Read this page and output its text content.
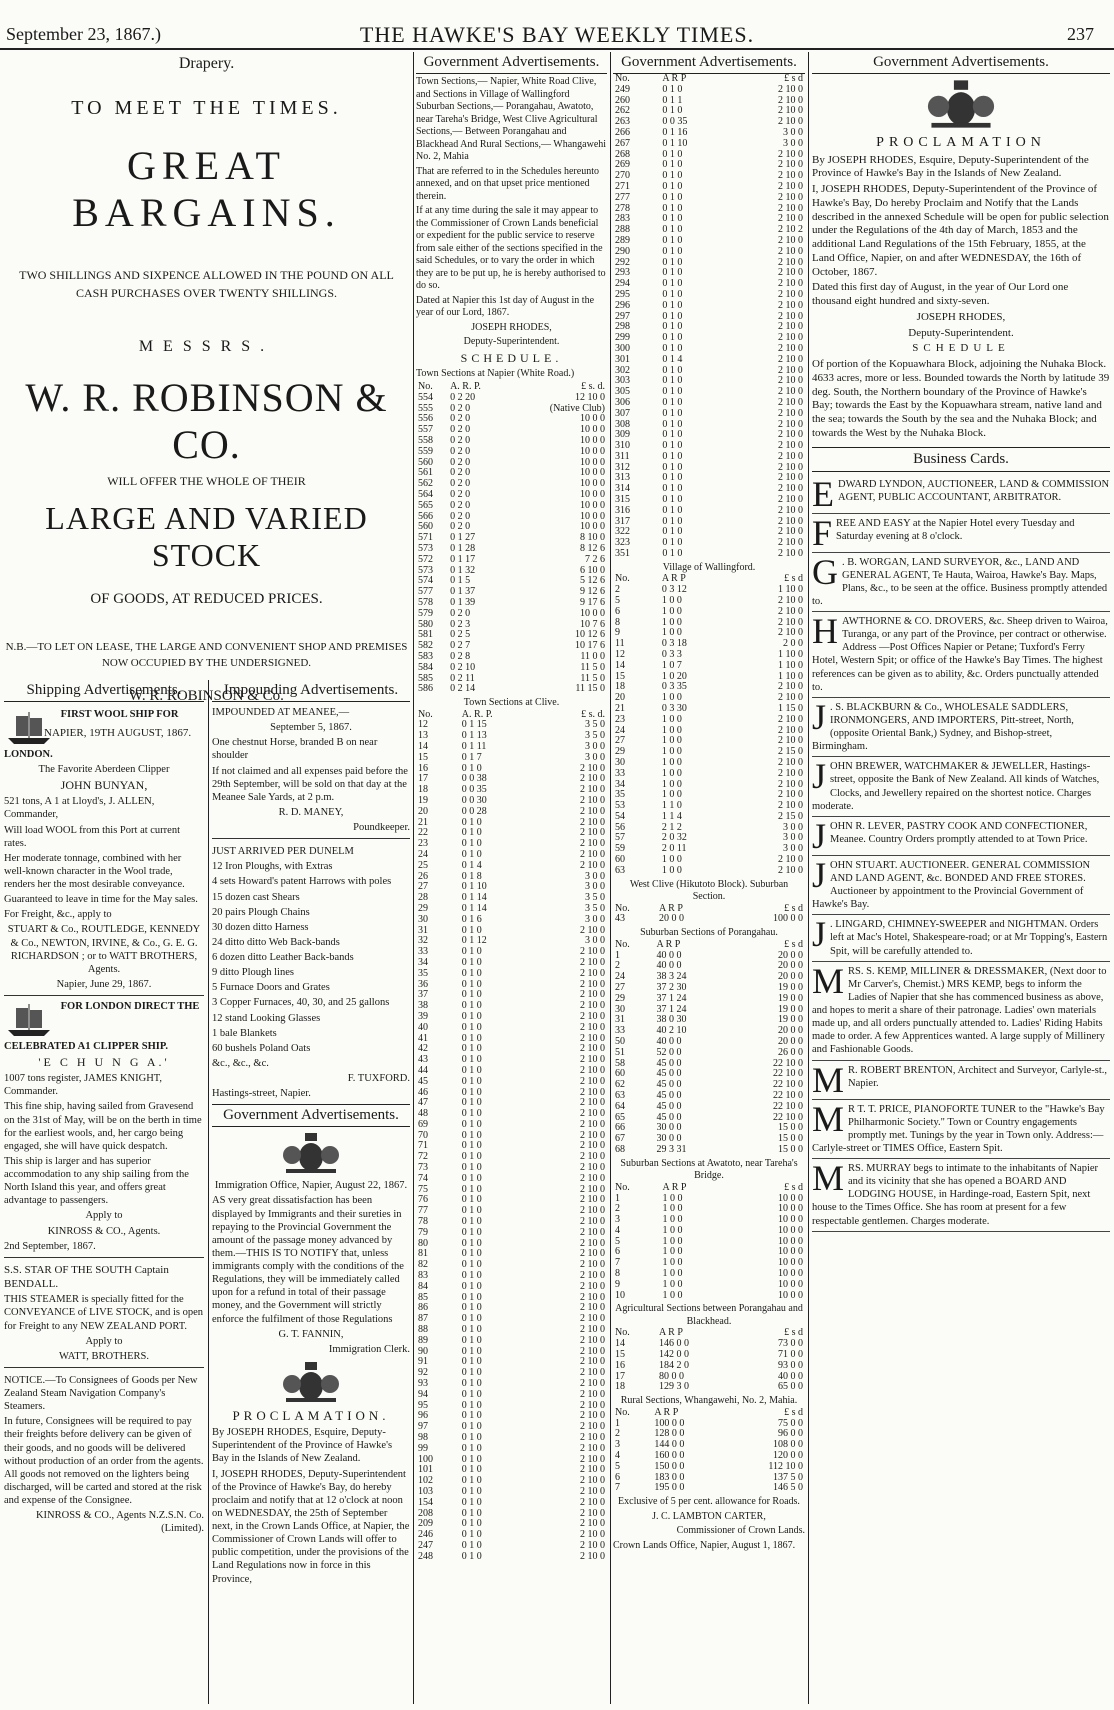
September 23, 1867.)	THE HAWKE'S BAY WEEKLY TIMES.	237
Drapery.
TO MEET THE TIMES.
GREAT BARGAINS.
TWO SHILLINGS AND SIXPENCE ALLOWED IN THE POUND ON ALL CASH PURCHASES OVER TWENTY SHILLINGS.
MESSRS.
W. R. ROBINSON & CO.
WILL OFFER THE WHOLE OF THEIR
LARGE AND VARIED STOCK
OF GOODS, AT REDUCED PRICES.
N.B.—TO LET ON LEASE, THE LARGE AND CONVENIENT SHOP AND PREMISES NOW OCCUPIED BY THE UNDERSIGNED.
W. R. ROBINSON & Co.
NAPIER, 19TH AUGUST, 1867.
Shipping Advertisements.
FIRST WOOL SHIP FOR LONDON.

The Favorite Aberdeen Clipper

JOHN BUNYAN,

521 tons, A 1 at Lloyd's, J. ALLEN, Commander,

Will load WOOL from this Port at current rates.

Her moderate tonnage, combined with her well-known character in the Wool trade, renders her the most desirable conveyance.

Guaranteed to leave in time for the May sales.

For Freight, &c., apply to

STUART & Co., ROUTLEDGE, KENNEDY & Co., NEWTON, IRVINE, & Co., G. E. G. RICHARDSON ; or to WATT BROTHERS, Agents.

Napier, June 29, 1867.

FOR LONDON DIRECT THE CELEBRATED A1 CLIPPER SHIP.

'E C H U N G A.'

1007 tons register, JAMES KNIGHT, Commander.

This fine ship, having sailed from Gravesend on the 31st of May, will be on the berth in time for the earliest wools, and, her cargo being engaged, she will have quick despatch.

This ship is larger and has superior accommodation to any ship sailing from the North Island this year, and offers great advantage to passengers.

Apply to

KINROSS & CO., Agents.

2nd September, 1867.

S.S. STAR OF THE SOUTH Captain BENDALL.

THIS STEAMER is specially fitted for the CONVEYANCE of LIVE STOCK, and is open for Freight to any NEW ZEALAND PORT.

Apply to

WATT, BROTHERS.

NOTICE.—To Consignees of Goods per New Zealand Steam Navigation Company's Steamers.

In future, Consignees will be required to pay their freights before delivery can be given of their goods, and no goods will be delivered without production of an order from the agents. All goods not removed on the lighters being discharged, will be carted and stored at the risk and expense of the Consignee.

KINROSS & CO., Agents N.Z.S.N. Co. (Limited).

Impounding Advertisements.

IMPOUNDED AT MEANEE,—

September 5, 1867.

One chestnut Horse, branded B on near shoulder

If not claimed and all expenses paid before the 29th September, will be sold on that day at the Meanee Sale Yards, at 2 p.m.

R. D. MANEY,

Poundkeeper.

JUST ARRIVED PER DUNELM

12 Iron Ploughs, with Extras

4 sets Howard's patent Harrows with poles

15 dozen cast Shears

20 pairs Plough Chains

30 dozen ditto Harness

24 ditto ditto Web Back-bands

6 dozen ditto Leather Back-bands

9 ditto Plough lines

5 Furnace Doors and Grates

3 Copper Furnaces, 40, 30, and 25 gallons

12 stand Looking Glasses

1 bale Blankets

60 bushels Poland Oats

&c., &c., &c.

F. TUXFORD.

Hastings-street, Napier.

Government Advertisements.

Immigration Office, Napier, August 22, 1867.

AS very great dissatisfaction has been displayed by Immigrants and their sureties in repaying to the Provincial Government the amount of the passage money advanced by them.—THIS IS TO NOTIFY that, unless immigrants comply with the conditions of the Regulations, they will be immediately called upon for a refund in total of their passage money, and the Government will strictly enforce the fulfilment of those Regulations

G. T. FANNIN,

Immigration Clerk.

PROCLAMATION.

By JOSEPH RHODES, Esquire, Deputy-Superintendent of the Province of Hawke's Bay in the Islands of New Zealand.

I, JOSEPH RHODES, Deputy-Superintendent of the Province of Hawke's Bay, do hereby proclaim and notify that at 12 o'clock at noon on WEDNESDAY, the 25th of September next, in the Crown Lands Office, at Napier, the Commissioner of Crown Lands will offer to public competition, under the provisions of the Land Regulations now in force in this Province,

Government Advertisements.

Town Sections,— Napier, White Road Clive, and Sections in Village of Wallingford Suburban Sections,— Porangahau, Awatoto, near Tareha's Bridge, West Clive Agricultural Sections,— Between Porangahau and Blackhead And Rural Sections,— Whangawehi No. 2, Mahia

That are referred to in the Schedules hereunto annexed, and on that upset price mentioned therein.

If at any time during the sale it may appear to the Commissioner of Crown Lands beneficial or expedient for the public service to reserve from sale either of the sections specified in the said Schedules, or to vary the order in which they are to be put up, he is hereby authorised to do so.

Dated at Napier this 1st day of August in the year of our Lord, 1867.

JOSEPH RHODES,

Deputy-Superintendent.

SCHEDULE.

Town Sections at Napier (White Road.)

No.	A. R. P.	£ s. d.
554	0 2 20	12 10 0
555	0 2 0	(Native Club)
556	0 2 0	10 0 0
557	0 2 0	10 0 0
558	0 2 0	10 0 0
559	0 2 0	10 0 0
560	0 2 0	10 0 0
561	0 2 0	10 0 0
562	0 2 0	10 0 0
564	0 2 0	10 0 0
565	0 2 0	10 0 0
566	0 2 0	10 0 0
560	0 2 0	10 0 0
571	0 1 27	8 10 0
573	0 1 28	8 12 6
572	0 1 17	7 2 6
573	0 1 32	6 10 0
574	0 1 5	5 12 6
577	0 1 37	9 12 6
578	0 1 39	9 17 6
579	0 2 0	10 0 0
580	0 2 3	10 7 6
581	0 2 5	10 12 6
582	0 2 7	10 17 6
583	0 2 8	11 0 0
584	0 2 10	11 5 0
585	0 2 11	11 5 0
586	0 2 14	11 15 0
Town Sections at Clive.
No.	A. R. P.	£ s. d.
12	0 1 15	3 5 0
13	0 1 13	3 5 0
14	0 1 11	3 0 0
15	0 1 7	3 0 0
16	0 1 0	2 10 0
17	0 0 38	2 10 0
18	0 0 35	2 10 0
19	0 0 30	2 10 0
20	0 0 28	2 10 0
21	0 1 0	2 10 0
22	0 1 0	2 10 0
23	0 1 0	2 10 0
24	0 1 0	2 10 0
25	0 1 4	2 10 0
26	0 1 8	3 0 0
27	0 1 10	3 0 0
28	0 1 14	3 5 0
29	0 1 14	3 5 0
30	0 1 6	3 0 0
31	0 1 0	2 10 0
32	0 1 12	3 0 0
33	0 1 0	2 10 0
34	0 1 0	2 10 0
35	0 1 0	2 10 0
36	0 1 0	2 10 0
37	0 1 0	2 10 0
38	0 1 0	2 10 0
39	0 1 0	2 10 0
40	0 1 0	2 10 0
41	0 1 0	2 10 0
42	0 1 0	2 10 0
43	0 1 0	2 10 0
44	0 1 0	2 10 0
45	0 1 0	2 10 0
46	0 1 0	2 10 0
47	0 1 0	2 10 0
48	0 1 0	2 10 0
69	0 1 0	2 10 0
70	0 1 0	2 10 0
71	0 1 0	2 10 0
72	0 1 0	2 10 0
73	0 1 0	2 10 0
74	0 1 0	2 10 0
75	0 1 0	2 10 0
76	0 1 0	2 10 0
77	0 1 0	2 10 0
78	0 1 0	2 10 0
79	0 1 0	2 10 0
80	0 1 0	2 10 0
81	0 1 0	2 10 0
82	0 1 0	2 10 0
83	0 1 0	2 10 0
84	0 1 0	2 10 0
85	0 1 0	2 10 0
86	0 1 0	2 10 0
87	0 1 0	2 10 0
88	0 1 0	2 10 0
89	0 1 0	2 10 0
90	0 1 0	2 10 0
91	0 1 0	2 10 0
92	0 1 0	2 10 0
93	0 1 0	2 10 0
94	0 1 0	2 10 0
95	0 1 0	2 10 0
96	0 1 0	2 10 0
97	0 1 0	2 10 0
98	0 1 0	2 10 0
99	0 1 0	2 10 0
100	0 1 0	2 10 0
101	0 1 0	2 10 0
102	0 1 0	2 10 0
103	0 1 0	2 10 0
154	0 1 0	2 10 0
208	0 1 0	2 10 0
209	0 1 0	2 10 0
246	0 1 0	2 10 0
247	0 1 0	2 10 0
248	0 1 0	2 10 0
Government Advertisements.
No.	A R P	£ s d
249	0 1 0	2 10 0
260	0 1 1	2 10 0
262	0 1 0	2 10 0
263	0 0 35	2 10 0
266	0 1 16	3 0 0
267	0 1 10	3 0 0
268	0 1 0	2 10 0
269	0 1 0	2 10 0
270	0 1 0	2 10 0
271	0 1 0	2 10 0
277	0 1 0	2 10 0
278	0 1 0	2 10 0
283	0 1 0	2 10 0
288	0 1 0	2 10 2
289	0 1 0	2 10 0
290	0 1 0	2 10 0
292	0 1 0	2 10 0
293	0 1 0	2 10 0
294	0 1 0	2 10 0
295	0 1 0	2 10 0
296	0 1 0	2 10 0
297	0 1 0	2 10 0
298	0 1 0	2 10 0
299	0 1 0	2 10 0
300	0 1 0	2 10 0
301	0 1 4	2 10 0
302	0 1 0	2 10 0
303	0 1 0	2 10 0
305	0 1 0	2 10 0
306	0 1 0	2 10 0
307	0 1 0	2 10 0
308	0 1 0	2 10 0
309	0 1 0	2 10 0
310	0 1 0	2 10 0
311	0 1 0	2 10 0
312	0 1 0	2 10 0
313	0 1 0	2 10 0
314	0 1 0	2 10 0
315	0 1 0	2 10 0
316	0 1 0	2 10 0
317	0 1 0	2 10 0
322	0 1 0	2 10 0
323	0 1 0	2 10 0
351	0 1 0	2 10 0
Village of Wallingford.
No.	A R P	£ s d
2	0 3 12	1 10 0
5	1 0 0	2 10 0
6	1 0 0	2 10 0
8	1 0 0	2 10 0
9	1 0 0	2 10 0
11	0 3 18	2 0 0
12	0 3 3	1 10 0
14	1 0 7	1 10 0
15	1 0 20	1 10 0
18	0 3 35	2 10 0
20	1 0 0	2 10 0
21	0 3 30	1 15 0
23	1 0 0	2 10 0
24	1 0 0	2 10 0
27	1 0 0	2 10 0
29	1 0 0	2 15 0
30	1 0 0	2 10 0
33	1 0 0	2 10 0
34	1 0 0	2 10 0
35	1 0 0	2 10 0
53	1 1 0	2 10 0
54	1 1 4	2 15 0
56	2 1 2	3 0 0
57	2 0 32	3 0 0
59	2 0 11	3 0 0
60	1 0 0	2 10 0
63	1 0 0	2 10 0
West Clive (Hikutoto Block). Suburban Section.
No.	A R P	£ s d
43	20 0 0	100 0 0
Suburban Sections of Porangahau.
No.	A R P	£ s d
1	40 0 0	20 0 0
2	40 0 0	20 0 0
24	38 3 24	20 0 0
27	37 2 30	19 0 0
29	37 1 24	19 0 0
30	37 1 24	19 0 0
31	38 0 30	19 0 0
33	40 2 10	20 0 0
50	40 0 0	20 0 0
51	52 0 0	26 0 0
58	45 0 0	22 10 0
60	45 0 0	22 10 0
62	45 0 0	22 10 0
63	45 0 0	22 10 0
64	45 0 0	22 10 0
65	45 0 0	22 10 0
66	30 0 0	15 0 0
67	30 0 0	15 0 0
68	29 3 31	15 0 0
Suburban Sections at Awatoto, near Tareha's Bridge.
No.	A R P	£ s d
1	1 0 0	10 0 0
2	1 0 0	10 0 0
3	1 0 0	10 0 0
4	1 0 0	10 0 0
5	1 0 0	10 0 0
6	1 0 0	10 0 0
7	1 0 0	10 0 0
8	1 0 0	10 0 0
9	1 0 0	10 0 0
10	1 0 0	10 0 0
Agricultural Sections between Porangahau and Blackhead.
No.	A R P	£ s d
14	146 0 0	73 0 0
15	142 0 0	71 0 0
16	184 2 0	93 0 0
17	80 0 0	40 0 0
18	129 3 0	65 0 0
Rural Sections, Whangawehi, No. 2, Mahia.
No.	A R P	£ s d
1	100 0 0	75 0 0
2	128 0 0	96 0 0
3	144 0 0	108 0 0
4	160 0 0	120 0 0
5	150 0 0	112 10 0
6	183 0 0	137 5 0
7	195 0 0	146 5 0

Exclusive of 5 per cent. allowance for Roads.

J. C. LAMBTON CARTER,

Commissioner of Crown Lands.

Crown Lands Office, Napier, August 1, 1867.

Government Advertisements.

PROCLAMATION

By JOSEPH RHODES, Esquire, Deputy-Superintendent of the Province of Hawke's Bay in the Islands of New Zealand.

I, JOSEPH RHODES, Deputy-Superintendent of the Province of Hawke's Bay, Do hereby Proclaim and Notify that the Lands described in the annexed Schedule will be open for public selection under the Regulations of the 4th day of March, 1853 and the additional Land Regulations of the 15th February, 1855, at the Land Office, Napier, on and after WEDNESDAY, the 16th of October, 1867.

Dated this first day of August, in the year of Our Lord one thousand eight hundred and sixty-seven.

JOSEPH RHODES,

Deputy-Superintendent.

SCHEDULE

Of portion of the Kopuawhara Block, adjoining the Nuhaka Block. 4633 acres, more or less. Bounded towards the North by latitude 39 deg. South, the Northern boundary of the Province of Hawke's Bay; towards the East by the Kopuawhara stream, native land and the sea; towards the South by the sea and the Nuhaka Block; and towards the West by the Nuhaka Block.

Business Cards.
EDWARD LYNDON, AUCTIONEER, LAND & COMMISSION AGENT, PUBLIC ACCOUNTANT, ARBITRATOR.
FREE AND EASY at the Napier Hotel every Tuesday and Saturday evening at 8 o'clock.
G . B. WORGAN, LAND SURVEYOR, &c., LAND AND GENERAL AGENT, Te Hauta, Wairoa, Hawke's Bay. Maps, Plans, &c., to be seen at the office. Business promptly attended to.
HAWTHORNE & CO. DROVERS, &c. Sheep driven to Wairoa, Turanga, or any part of the Province, per contract or otherwise. Address —Post Offices Napier or Petane; Tuxford's Ferry Hotel, Western Spit; or office of the Hawke's Bay Times. The highest references can be given as to ability, &c. Orders punctually attended to.
J . S. BLACKBURN & Co., WHOLESALE SADDLERS, IRONMONGERS, AND IMPORTERS, Pitt-street, North, (opposite Oriental Bank,) Sydney, and Bishop-street, Birmingham.
JOHN BREWER, WATCHMAKER & JEWELLER, Hastings-street, opposite the Bank of New Zealand. All kinds of Watches, Clocks, and Jewellery repaired on the shortest notice. Charges moderate.
JOHN R. LEVER, PASTRY COOK AND CONFECTIONER, Meanee. Country Orders promptly attended to at Town Price.
JOHN STUART. AUCTIONEER. GENERAL COMMISSION AND LAND AGENT, &c. BONDED AND FREE STORES. Auctioneer by appointment to the Provincial Government of Hawke's Bay.
J . LINGARD, CHIMNEY-SWEEPER and NIGHTMAN. Orders left at Mac's Hotel, Shakespeare-road; or at Mr Topping's, Eastern Spit, will be carefully attended to.
MRS. S. KEMP, MILLINER & DRESSMAKER, (Next door to Mr Carver's, Chemist.) MRS KEMP, begs to inform the Ladies of Napier that she has commenced business as above, and hopes to merit a share of their patronage. Ladies' own materials made up, and all orders punctually attended to. Ladies' Riding Habits made to order. A few Apprentices wanted. A large supply of Millinery and Fashionable Goods.
M R. ROBERT BRENTON, Architect and Surveyor, Carlyle-st., Napier.
M R T. T. PRICE, PIANOFORTE TUNER to the "Hawke's Bay Philharmonic Society." Town or Country engagements promptly met. Tunings by the year in Town only. Address:—Carlyle-street or TIMES Office, Eastern Spit.
MRS. MURRAY begs to intimate to the inhabitants of Napier and its vicinity that she has opened a BOARD AND LODGING HOUSE, in Hardinge-road, Eastern Spit, next house to the Times Office. She has room at present for a few respectable gentlemen. Charges moderate.
